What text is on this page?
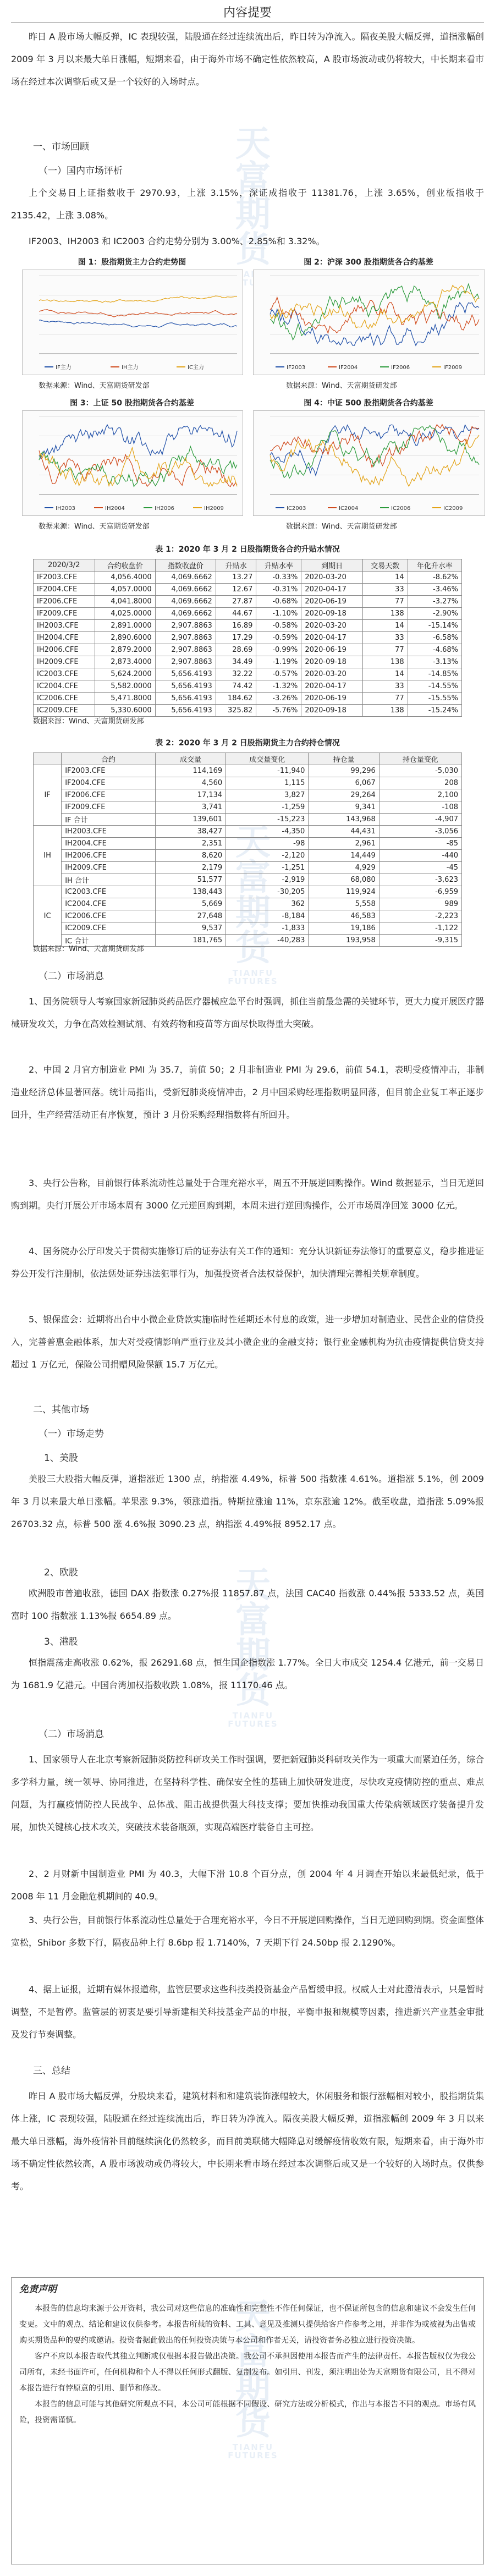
内容提要
天富期货
天富期货
TIANFU FUTURES
天富期货
TIANFU FUTURES
天富期货
TIANFU FUTURES

昨日 A 股市场大幅反弹，IC 表现较强，陆股通在经过连续流出后，昨日转为净流入。隔夜美股大幅反弹，道指涨幅创 2009 年 3 月以来最大单日涨幅，短期来看，由于海外市场不确定性依然较高，A 股市场波动或仍将较大，中长期来看市场在经过本次调整后或又是一个较好的入场时点。

一、市场回顾
（一）国内市场评析

上个交易日上证指数收于 2970.93，上涨 3.15%，深证成指收于 11381.76，上涨 3.65%，创业板指收于 2135.42，上涨 3.08%。

IF2003、IH2003 和 IC2003 合约走势分别为 3.00%、2.85%和 3.32%。

图 1：股指期货主力合约走势图	图 2：沪深 300 股指期货各合约基差
IF主力	IH主力	IC主力	IF2003	IF2004	IF2006	IF2009
数据来源：Wind、天富期货研发部	数据来源：Wind、天富期货研发部
图 3：上证 50 股指期货各合约基差	图 4：中证 500 股指期货各合约基差
IH2003	IH2004	IH2006	IH2009	IC2003	IC2004	IC2006	IC2009
数据来源：Wind、天富期货研发部	数据来源：Wind、天富期货研发部
表 1：2020 年 3 月 2 日股指期货各合约升贴水情况
2020/3/2	合约收盘价	指数收盘价	升贴水	升贴水率	到期日	交易天数	年化升水率
IF2003.CFE	4,056.4000	4,069.6662	13.27	-0.33%	2020-03-20	14	-8.62%
IF2004.CFE	4,057.0000	4,069.6662	12.67	-0.31%	2020-04-17	33	-3.46%
IF2006.CFE	4,041.8000	4,069.6662	27.87	-0.68%	2020-06-19	77	-3.27%
IF2009.CFE	4,025.0000	4,069.6662	44.67	-1.10%	2020-09-18	138	-2.90%
IH2003.CFE	2,891.0000	2,907.8863	16.89	-0.58%	2020-03-20	14	-15.14%
IH2004.CFE	2,890.6000	2,907.8863	17.29	-0.59%	2020-04-17	33	-6.58%
IH2006.CFE	2,879.2000	2,907.8863	28.69	-0.99%	2020-06-19	77	-4.68%
IH2009.CFE	2,873.4000	2,907.8863	34.49	-1.19%	2020-09-18	138	-3.13%
IC2003.CFE	5,624.2000	5,656.4193	32.22	-0.57%	2020-03-20	14	-14.85%
IC2004.CFE	5,582.0000	5,656.4193	74.42	-1.32%	2020-04-17	33	-14.55%
IC2006.CFE	5,471.8000	5,656.4193	184.62	-3.26%	2020-06-19	77	-15.55%
IC2009.CFE	5,330.6000	5,656.4193	325.82	-5.76%	2020-09-18	138	-15.24%
数据来源：Wind、天富期货研发部
表 2：2020 年 3 月 2 日股指期货主力合约持仓情况
	合约	成交量	成交量变化	持仓量	持仓量变化
IF	IF2003.CFE	114,169	-11,940	99,296	-5,030
	IF2004.CFE	4,560	1,115	6,067	208
	IF2006.CFE	17,134	3,827	29,264	2,100
	IF2009.CFE	3,741	-1,259	9,341	-108
	IF 合计	139,601	-15,223	143,968	-4,907
IH	IH2003.CFE	38,427	-4,350	44,431	-3,056
	IH2004.CFE	2,351	-98	2,961	-85
	IH2006.CFE	8,620	-2,120	14,449	-440
	IH2009.CFE	2,179	-1,251	4,929	-45
	IH 合计	51,577	-2,919	68,080	-3,623
IC	IC2003.CFE	138,443	-30,205	119,924	-6,959
	IC2004.CFE	5,669	362	5,558	989
	IC2006.CFE	27,648	-8,184	46,583	-2,223
	IC2009.CFE	9,537	-1,833	19,186	-1,122
	IC 合计	181,765	-40,283	193,958	-9,315
数据来源：Wind、天富期货研发部
（二）市场消息

1、国务院领导人考察国家新冠肺炎药品医疗器械应急平台时强调，抓住当前最急需的关键环节，更大力度开展医疗器械研发攻关，力争在高效检测试剂、有效药物和疫苗等方面尽快取得重大突破。

2、中国 2 月官方制造业 PMI 为 35.7，前值 50；2 月非制造业 PMI 为 29.6，前值 54.1，表明受疫情冲击，非制造业经济总体显著回落。统计局指出，受新冠肺炎疫情冲击，2 月中国采购经理指数明显回落，但目前企业复工率正逐步回升，生产经营活动正有序恢复，预计 3 月份采购经理指数将有所回升。

3、央行公告称，目前银行体系流动性总量处于合理充裕水平，周五不开展逆回购操作。Wind 数据显示，当日无逆回购到期。央行开展公开市场本周有 3000 亿元逆回购到期，本周未进行逆回购操作，公开市场周净回笼 3000 亿元。

4、国务院办公厅印发关于贯彻实施修订后的证券法有关工作的通知：充分认识新证券法修订的重要意义，稳步推进证券公开发行注册制，依法惩处证券违法犯罪行为，加强投资者合法权益保护，加快清理完善相关规章制度。

5、银保监会：近期将出台中小微企业贷款实施临时性延期还本付息的政策，进一步增加对制造业、民营企业的信贷投入，完善普惠金融体系，加大对受疫情影响严重行业及其小微企业的金融支持；银行业金融机构为抗击疫情提供信贷支持超过 1 万亿元，保险公司捐赠风险保额 15.7 万亿元。

二、其他市场
（一）市场走势
1、美股

美股三大股指大幅反弹，道指涨近 1300 点，纳指涨 4.49%，标普 500 指数涨 4.61%。道指涨 5.1%，创 2009 年 3 月以来最大单日涨幅。苹果涨 9.3%，领涨道指。特斯拉涨逾 11%，京东涨逾 12%。截至收盘，道指涨 5.09%报 26703.32 点，标普 500 涨 4.6%报 3090.23 点，纳指涨 4.49%报 8952.17 点。

2、欧股

欧洲股市普遍收涨，德国 DAX 指数涨 0.27%报 11857.87 点，法国 CAC40 指数涨 0.44%报 5333.52 点，英国富时 100 指数涨 1.13%报 6654.89 点。

3、港股

恒指震荡走高收涨 0.62%，报 26291.68 点，恒生国企指数涨 1.77%。全日大市成交 1254.4 亿港元，前一交易日为 1681.9 亿港元。中国台湾加权指数收跌 1.08%，报 11170.46 点。

（二）市场消息

1、国家领导人在北京考察新冠肺炎防控科研攻关工作时强调，要把新冠肺炎科研攻关作为一项重大而紧迫任务，综合多学科力量，统一领导、协同推进，在坚持科学性、确保安全性的基础上加快研发进度，尽快攻克疫情防控的重点、难点问题，为打赢疫情防控人民战争、总体战、阻击战提供强大科技支撑；要加快推动我国重大传染病领域医疗装备提升发展，加快关键核心技术攻关，突破技术装备瓶颈，实现高端医疗装备自主可控。

2、2 月财新中国制造业 PMI 为 40.3，大幅下滑 10.8 个百分点，创 2004 年 4 月调查开始以来最低纪录，低于 2008 年 11 月金融危机期间的 40.9。

3、央行公告，目前银行体系流动性总量处于合理充裕水平，今日不开展逆回购操作，当日无逆回购到期。资金面整体宽松，Shibor 多数下行，隔夜品种上行 8.6bp 报 1.7140%，7 天期下行 24.50bp 报 2.1290%。

4、据上证报，近期有媒体报道称，监管层要求这些科技类投资基金产品暂缓申报。权威人士对此澄清表示，只是暂时调整，不是暂停。监管层的初衷是要引导新建相关科技基金产品的申报，平衡申报和规模等因素，推进新兴产业基金审批及发行节奏调整。

三、总结

昨日 A 股市场大幅反弹，分股块来看，建筑材料和和建筑装饰涨幅较大，休闲服务和银行涨幅相对较小，股指期货集体上涨，IC 表现较强，陆股通在经过连续流出后，昨日转为净流入。隔夜美股大幅反弹，道指涨幅创 2009 年 3 月以来最大单日涨幅，海外疫情补目前继续演化仍然较多，而目前美联储大幅降息对缓解疫情收效有限，短期来看，由于海外市场不确定性依然较高，A 股市场波动或仍将较大，中长期来看市场在经过本次调整后或又是一个较好的入场时点。仅供参考。

免责声明

本报告的信息均来源于公开资料，我公司对这些信息的准确性和完整性不作任何保证，也不保证所包含的信息和建议不会发生任何变更。文中的观点、结论和建议仅供参考。本报告所载的资料、工具、意见及推测只提供给客户作参考之用，并非作为或被视为出售或购买期货品种的要约或邀请。投资者据此做出的任何投资决策与本公司和作者无关，请投资者务必独立进行投资决策。

客户不应以本报告取代其独立判断或仅根据本报告做出决策。我公司不承担因使用本报告而产生的法律责任。本报告版权仅为我公司所有，未经书面许可，任何机构和个人不得以任何形式翻版、复制发布。如引用、刊发，须注明出处为天富期货有限公司，且不得对本报告进行有悖原意的引用、删节和修改。

本报告的信息可能与其他研究所观点不同，本公司可能根据不同假设、研究方法或分析模式，作出与本报告不同的观点。市场有风险，投资需谨慎。
